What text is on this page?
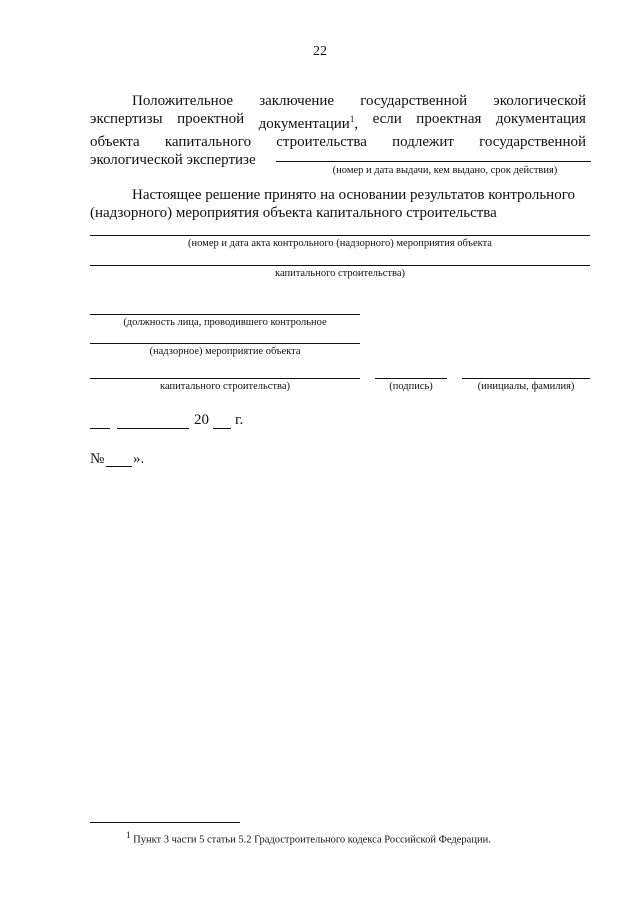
22
Положительное заключение государственной экологической
экспертизы проектной документации$^1$, если проектная документация
объекта капитального строительства подлежит государственной
экологической экспертизе
(номер и дата выдачи, кем выдано, срок действия)
Настоящее решение принято на основании результатов контрольного
(надзорного) мероприятия объекта капитального строительства
(номер и дата акта контрольного (надзорного) мероприятия объекта
капитального строительства)
(должность лица, проводившего контрольное
(надзорное) мероприятие объекта
капитального строительства)	(подпись)	(инициалы, фамилия)
20 г.
№ ».
$^1$ Пункт 3 части 5 статьи 5.2 Градостроительного кодекса Российской Федерации.
